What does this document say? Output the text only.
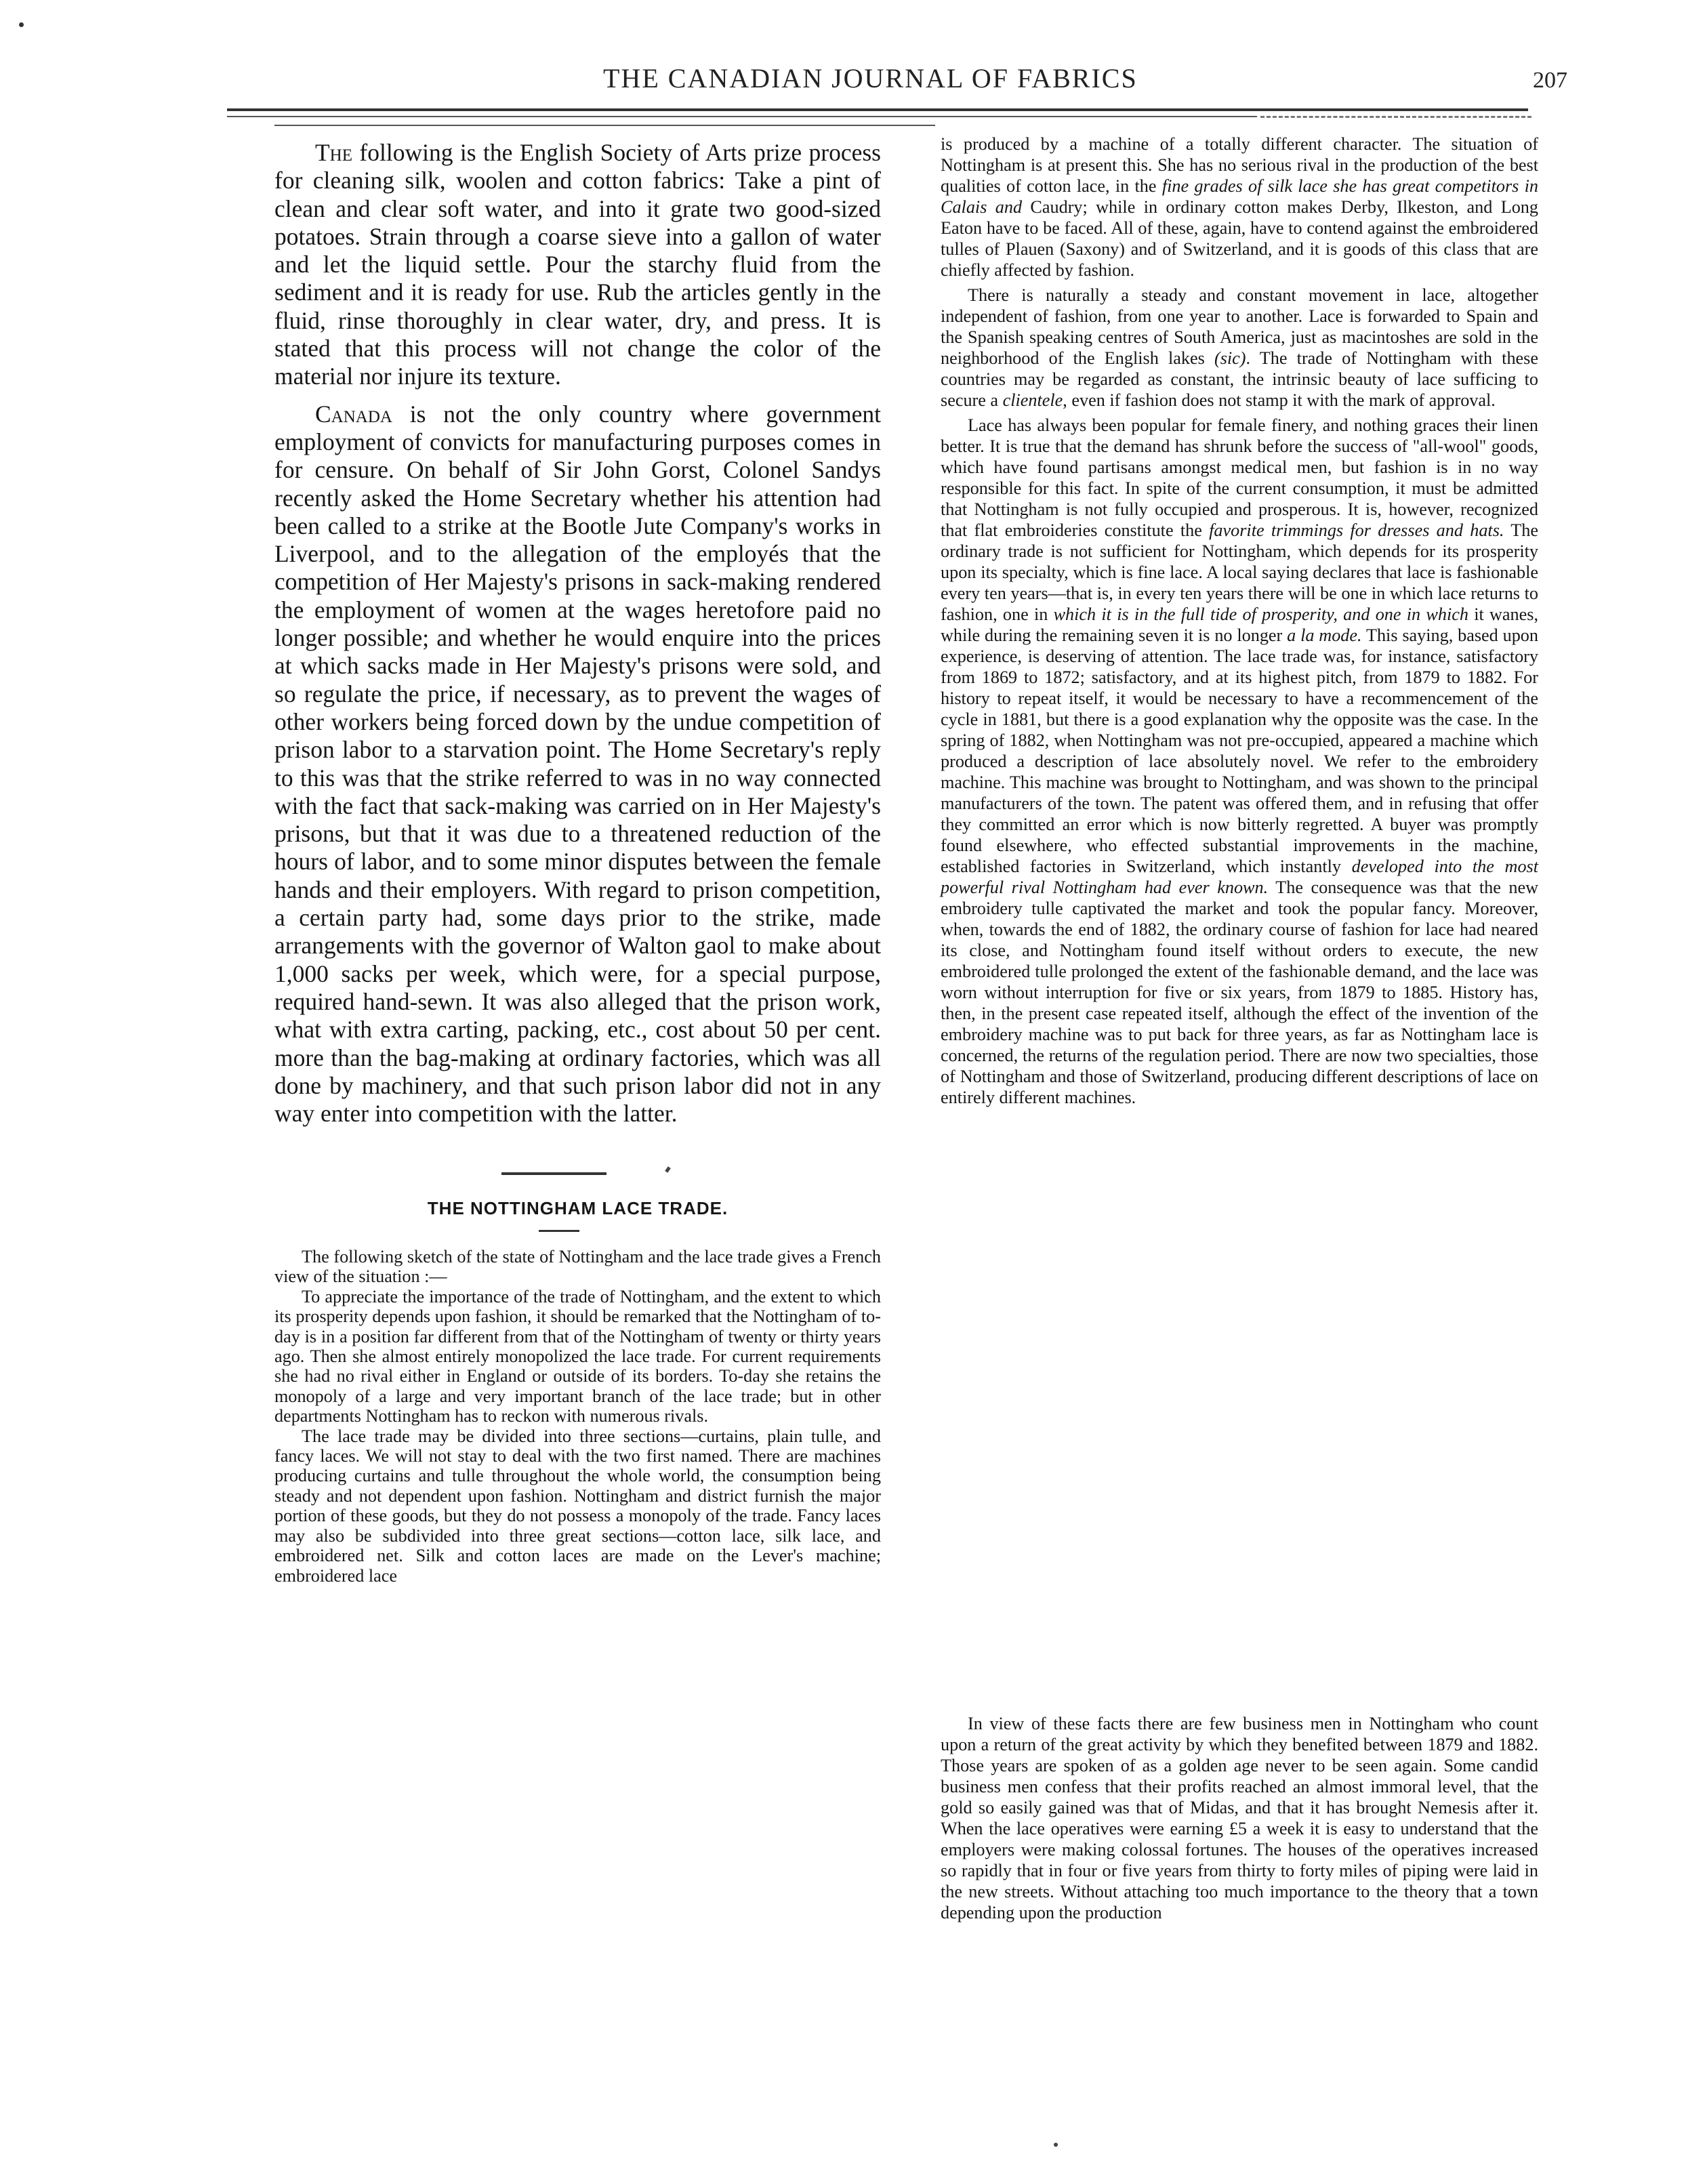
THE CANADIAN JOURNAL OF FABRICS	207

The following is the English Society of Arts prize process for cleaning silk, woolen and cotton fabrics: Take a pint of clean and clear soft water, and into it grate two good-sized potatoes. Strain through a coarse sieve into a gallon of water and let the liquid settle. Pour the starchy fluid from the sediment and it is ready for use. Rub the articles gently in the fluid, rinse thoroughly in clear water, dry, and press. It is stated that this process will not change the color of the material nor injure its texture.

Canada is not the only country where government employment of convicts for manufacturing purposes comes in for censure. On behalf of Sir John Gorst, Colonel Sandys recently asked the Home Secretary whether his attention had been called to a strike at the Bootle Jute Company's works in Liverpool, and to the allegation of the employés that the competition of Her Majesty's prisons in sack-making rendered the employment of women at the wages heretofore paid no longer possible; and whether he would enquire into the prices at which sacks made in Her Majesty's prisons were sold, and so regulate the price, if necessary, as to prevent the wages of other workers being forced down by the undue competition of prison labor to a starvation point. The Home Secretary's reply to this was that the strike referred to was in no way connected with the fact that sack-making was carried on in Her Majesty's prisons, but that it was due to a threatened reduction of the hours of labor, and to some minor disputes between the female hands and their employers. With regard to prison competition, a certain party had, some days prior to the strike, made arrangements with the governor of Walton gaol to make about 1,000 sacks per week, which were, for a special purpose, required hand-sewn. It was also alleged that the prison work, what with extra carting, packing, etc., cost about 50 per cent. more than the bag-making at ordinary factories, which was all done by machinery, and that such prison labor did not in any way enter into competition with the latter.

THE NOTTINGHAM LACE TRADE.

The following sketch of the state of Nottingham and the lace trade gives a French view of the situation :—

To appreciate the importance of the trade of Nottingham, and the extent to which its prosperity depends upon fashion, it should be remarked that the Nottingham of to-day is in a position far different from that of the Nottingham of twenty or thirty years ago. Then she almost entirely monopolized the lace trade. For current requirements she had no rival either in England or outside of its borders. To-day she retains the monopoly of a large and very important branch of the lace trade; but in other departments Nottingham has to reckon with numerous rivals.

The lace trade may be divided into three sections—curtains, plain tulle, and fancy laces. We will not stay to deal with the two first named. There are machines producing curtains and tulle throughout the whole world, the consumption being steady and not dependent upon fashion. Nottingham and district furnish the major portion of these goods, but they do not possess a monopoly of the trade. Fancy laces may also be subdivided into three great sections—cotton lace, silk lace, and embroidered net. Silk and cotton laces are made on the Lever's machine; embroidered lace

is produced by a machine of a totally different character. The situation of Nottingham is at present this. She has no serious rival in the production of the best qualities of cotton lace, in the fine grades of silk lace she has great competitors in Calais and Caudry; while in ordinary cotton makes Derby, Ilkeston, and Long Eaton have to be faced. All of these, again, have to contend against the embroidered tulles of Plauen (Saxony) and of Switzerland, and it is goods of this class that are chiefly affected by fashion.

There is naturally a steady and constant movement in lace, altogether independent of fashion, from one year to another. Lace is forwarded to Spain and the Spanish speaking centres of South America, just as macintoshes are sold in the neighborhood of the English lakes (sic). The trade of Nottingham with these countries may be regarded as constant, the intrinsic beauty of lace sufficing to secure a clientele, even if fashion does not stamp it with the mark of approval.

Lace has always been popular for female finery, and nothing graces their linen better. It is true that the demand has shrunk before the success of "all-wool" goods, which have found partisans amongst medical men, but fashion is in no way responsible for this fact. In spite of the current consumption, it must be admitted that Nottingham is not fully occupied and prosperous. It is, however, recognized that flat embroideries constitute the favorite trimmings for dresses and hats. The ordinary trade is not sufficient for Nottingham, which depends for its prosperity upon its specialty, which is fine lace. A local saying declares that lace is fashionable every ten years—that is, in every ten years there will be one in which lace returns to fashion, one in which it is in the full tide of prosperity, and one in which it wanes, while during the remaining seven it is no longer a la mode. This saying, based upon experience, is deserving of attention. The lace trade was, for instance, satisfactory from 1869 to 1872; satisfactory, and at its highest pitch, from 1879 to 1882. For history to repeat itself, it would be necessary to have a recommencement of the cycle in 1881, but there is a good explanation why the opposite was the case. In the spring of 1882, when Nottingham was not pre-occupied, appeared a machine which produced a description of lace absolutely novel. We refer to the embroidery machine. This machine was brought to Nottingham, and was shown to the principal manufacturers of the town. The patent was offered them, and in refusing that offer they committed an error which is now bitterly regretted. A buyer was promptly found elsewhere, who effected substantial improvements in the machine, established factories in Switzerland, which instantly developed into the most powerful rival Nottingham had ever known. The consequence was that the new embroidery tulle captivated the market and took the popular fancy. Moreover, when, towards the end of 1882, the ordinary course of fashion for lace had neared its close, and Nottingham found itself without orders to execute, the new embroidered tulle prolonged the extent of the fashionable demand, and the lace was worn without interruption for five or six years, from 1879 to 1885. History has, then, in the present case repeated itself, although the effect of the invention of the embroidery machine was to put back for three years, as far as Nottingham lace is concerned, the returns of the regulation period. There are now two specialties, those of Nottingham and those of Switzerland, producing different descriptions of lace on entirely different machines.

In view of these facts there are few business men in Nottingham who count upon a return of the great activity by which they benefited between 1879 and 1882. Those years are spoken of as a golden age never to be seen again. Some candid business men confess that their profits reached an almost immoral level, that the gold so easily gained was that of Midas, and that it has brought Nemesis after it. When the lace operatives were earning £5 a week it is easy to understand that the employers were making colossal fortunes. The houses of the operatives increased so rapidly that in four or five years from thirty to forty miles of piping were laid in the new streets. Without attaching too much importance to the theory that a town depending upon the production
